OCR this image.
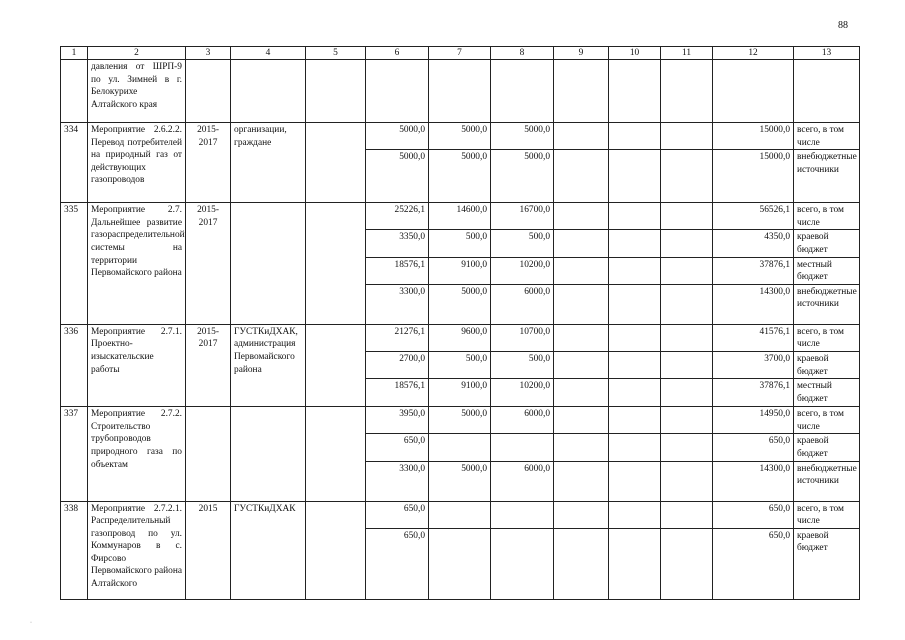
88
1	2	3	4	5	6	7	8	9	10	11	12	13
	давления от ШРП-9 по ул. Зимней в г. Белокурихе Алтайского края											
334	Мероприятие 2.6.2.2. Перевод потребителей на природный газ от действующих газопроводов	2015-2017	организации, граждане		5000,0	5000,0	5000,0				15000,0	всего, в том числе
					5000,0	5000,0	5000,0				15000,0	внебюджетные источники
335	Мероприятие 2.7. Дальнейшее развитие газораспределительной системы на территории Первомайского района	2015-2017			25226,1	14600,0	16700,0				56526,1	всего, в том числе
					3350,0	500,0	500,0				4350,0	краевой бюджет
					18576,1	9100,0	10200,0				37876,1	местный бюджет
					3300,0	5000,0	6000,0				14300,0	внебюджетные источники
336	Мероприятие 2.7.1. Проектно-изыскательские работы	2015-2017	ГУСТКиДХАК, администрация Первомайского района		21276,1	9600,0	10700,0				41576,1	всего, в том числе
					2700,0	500,0	500,0				3700,0	краевой бюджет
					18576,1	9100,0	10200,0				37876,1	местный бюджет
337	Мероприятие 2.7.2. Строительство трубопроводов природного газа по объектам				3950,0	5000,0	6000,0				14950,0	всего, в том числе
					650,0						650,0	краевой бюджет
					3300,0	5000,0	6000,0				14300,0	внебюджетные источники
338	Мероприятие 2.7.2.1. Распределительный газопровод по ул. Коммунаров в с. Фирсово Первомайского района Алтайского	2015	ГУСТКиДХАК		650,0						650,0	всего, в том числе
					650,0						650,0	краевой бюджет
·
